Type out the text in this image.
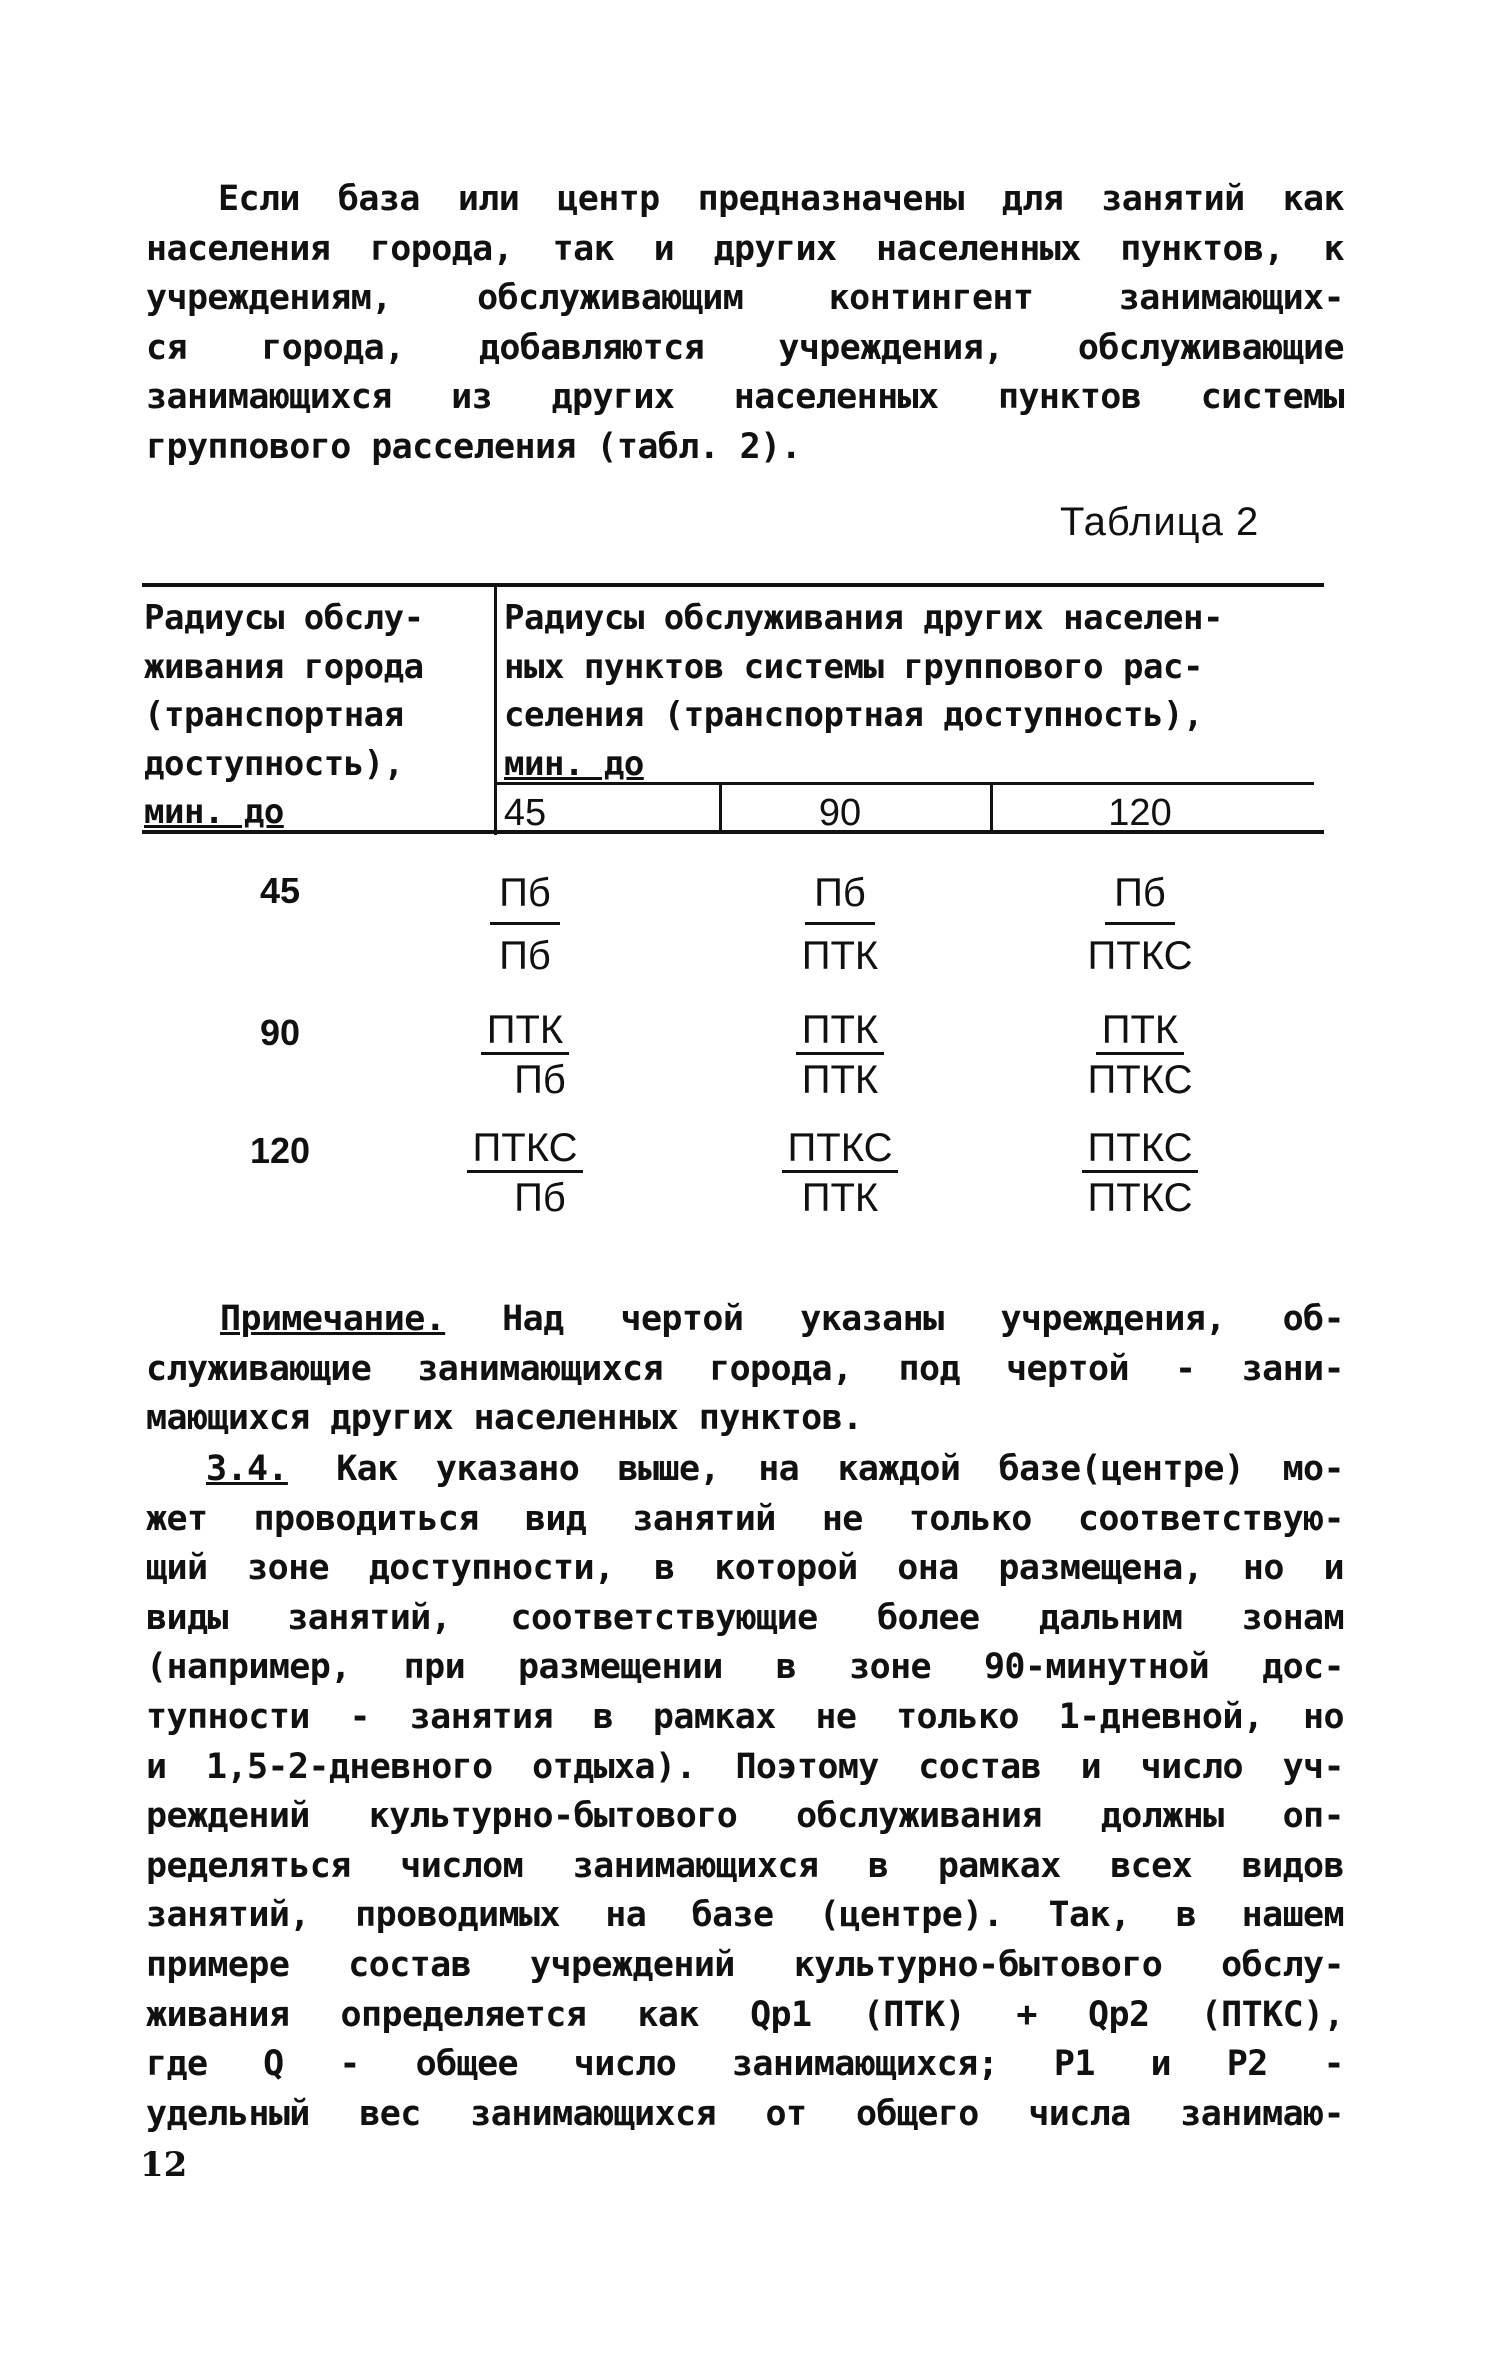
Если база или центр предназначены для занятий как
населения города, так и других населенных пунктов, к
учреждениям, обслуживающим контингент занимающих-
ся города, добавляются учреждения, обслуживающие
занимающихся из других населенных пунктов системы
группового расселения (табл. 2).
Таблица 2
Радиусы обслу-
живания города
(транспортная
доступность),
мин. до
Радиусы обслуживания других населен-
ных пунктов системы группового рас-
селения (транспортная доступность),
мин. до
45	90	120
45
90
120
Пб
Пб
Пб
ПТК
Пб
ПТКС
ПТК
Пб
ПТК
ПТК
ПТК
ПТКС
ПТКС
Пб
ПТКС
ПТК
ПТКС
ПТКС
Примечание. Над чертой указаны учреждения, об-
служивающие занимающихся города, под чертой - зани-
мающихся других населенных пунктов.
3.4. Как указано выше, на каждой базе(центре) мо-
жет проводиться вид занятий не только соответствую-
щий зоне доступности, в которой она размещена, но и
виды занятий, соответствующие более дальним зонам
(например, при размещении в зоне 90-минутной дос-
тупности - занятия в рамках не только 1-дневной, но
и 1,5-2-дневного отдыха). Поэтому состав и число уч-
реждений культурно-бытового обслуживания должны оп-
ределяться числом занимающихся в рамках всех видов
занятий, проводимых на базе (центре). Так, в нашем
примере состав учреждений культурно-бытового обслу-
живания определяется как Qp1 (ПТК) + Qp2 (ПТКС),
где Q - общее число занимающихся; P1 и P2 -
удельный вес занимающихся от общего числа занимаю-
12
